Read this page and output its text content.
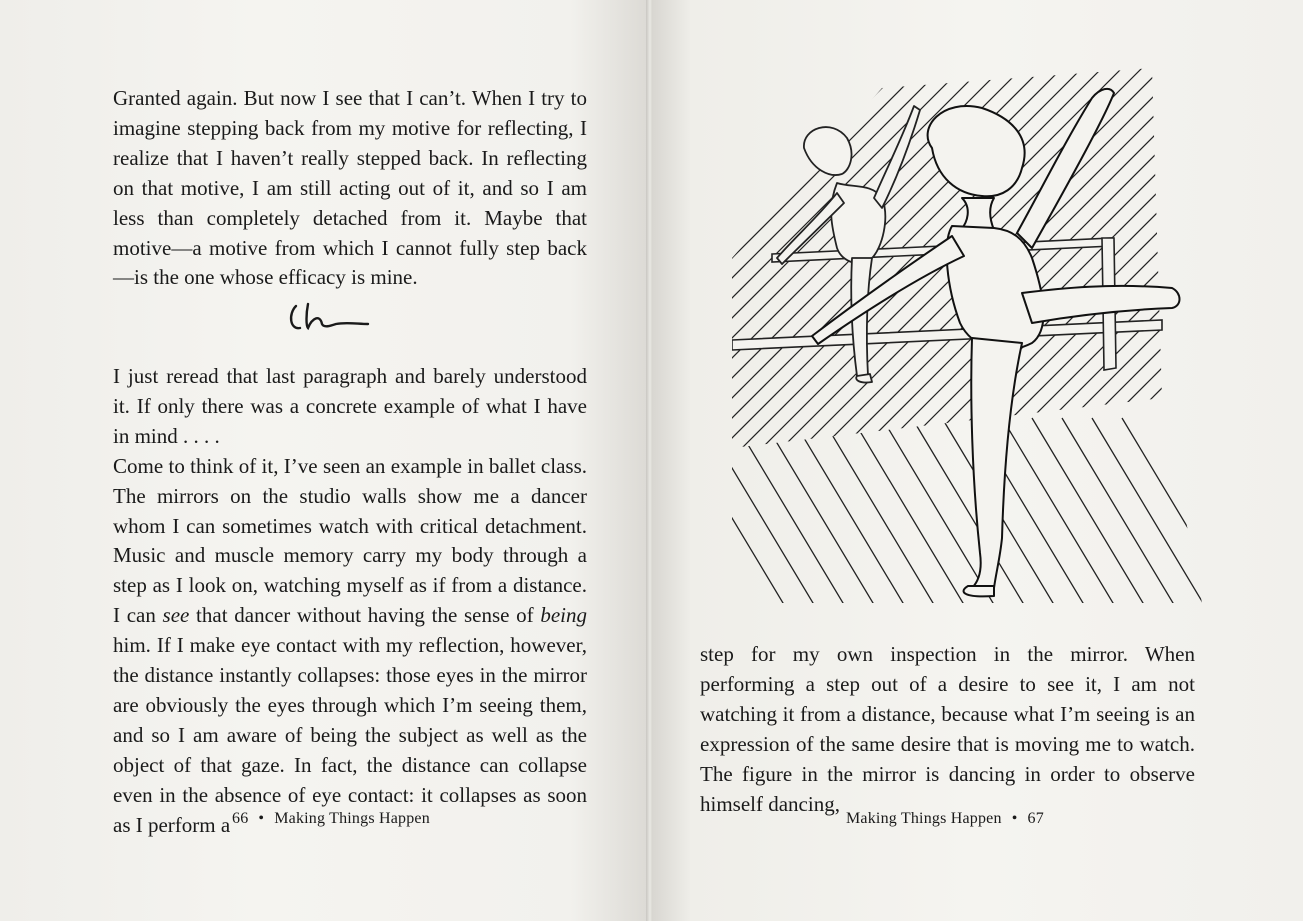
Granted again. But now I see that I can’t. When I try to imagine stepping back from my motive for reflecting, I realize that I haven’t really stepped back. In reflecting on that motive, I am still acting out of it, and so I am less than completely detached from it. Maybe that motive—a motive from which I cannot fully step back—is the one whose efficacy is mine.

I just reread that last paragraph and barely understood it. If only there was a concrete example of what I have in mind . . . .

Come to think of it, I’ve seen an example in ballet class. The mirrors on the studio walls show me a dancer whom I can sometimes watch with critical detachment. Music and muscle memory carry my body through a step as I look on, watching myself as if from a distance. I can see that dancer without having the sense of being him. If I make eye contact with my reflection, however, the distance instantly collapses: those eyes in the mirror are obviously the eyes through which I’m seeing them, and so I am aware of being the subject as well as the object of that gaze. In fact, the distance can collapse even in the absence of eye contact: it collapses as soon as I perform a 66 • Making Things Happen

step for my own inspection in the mirror. When performing a step out of a desire to see it, I am not watching it from a distance, because what I’m seeing is an expression of the same desire that is moving me to watch. The figure in the mirror is dancing in order to observe himself dancing,

Making Things Happen • 67
